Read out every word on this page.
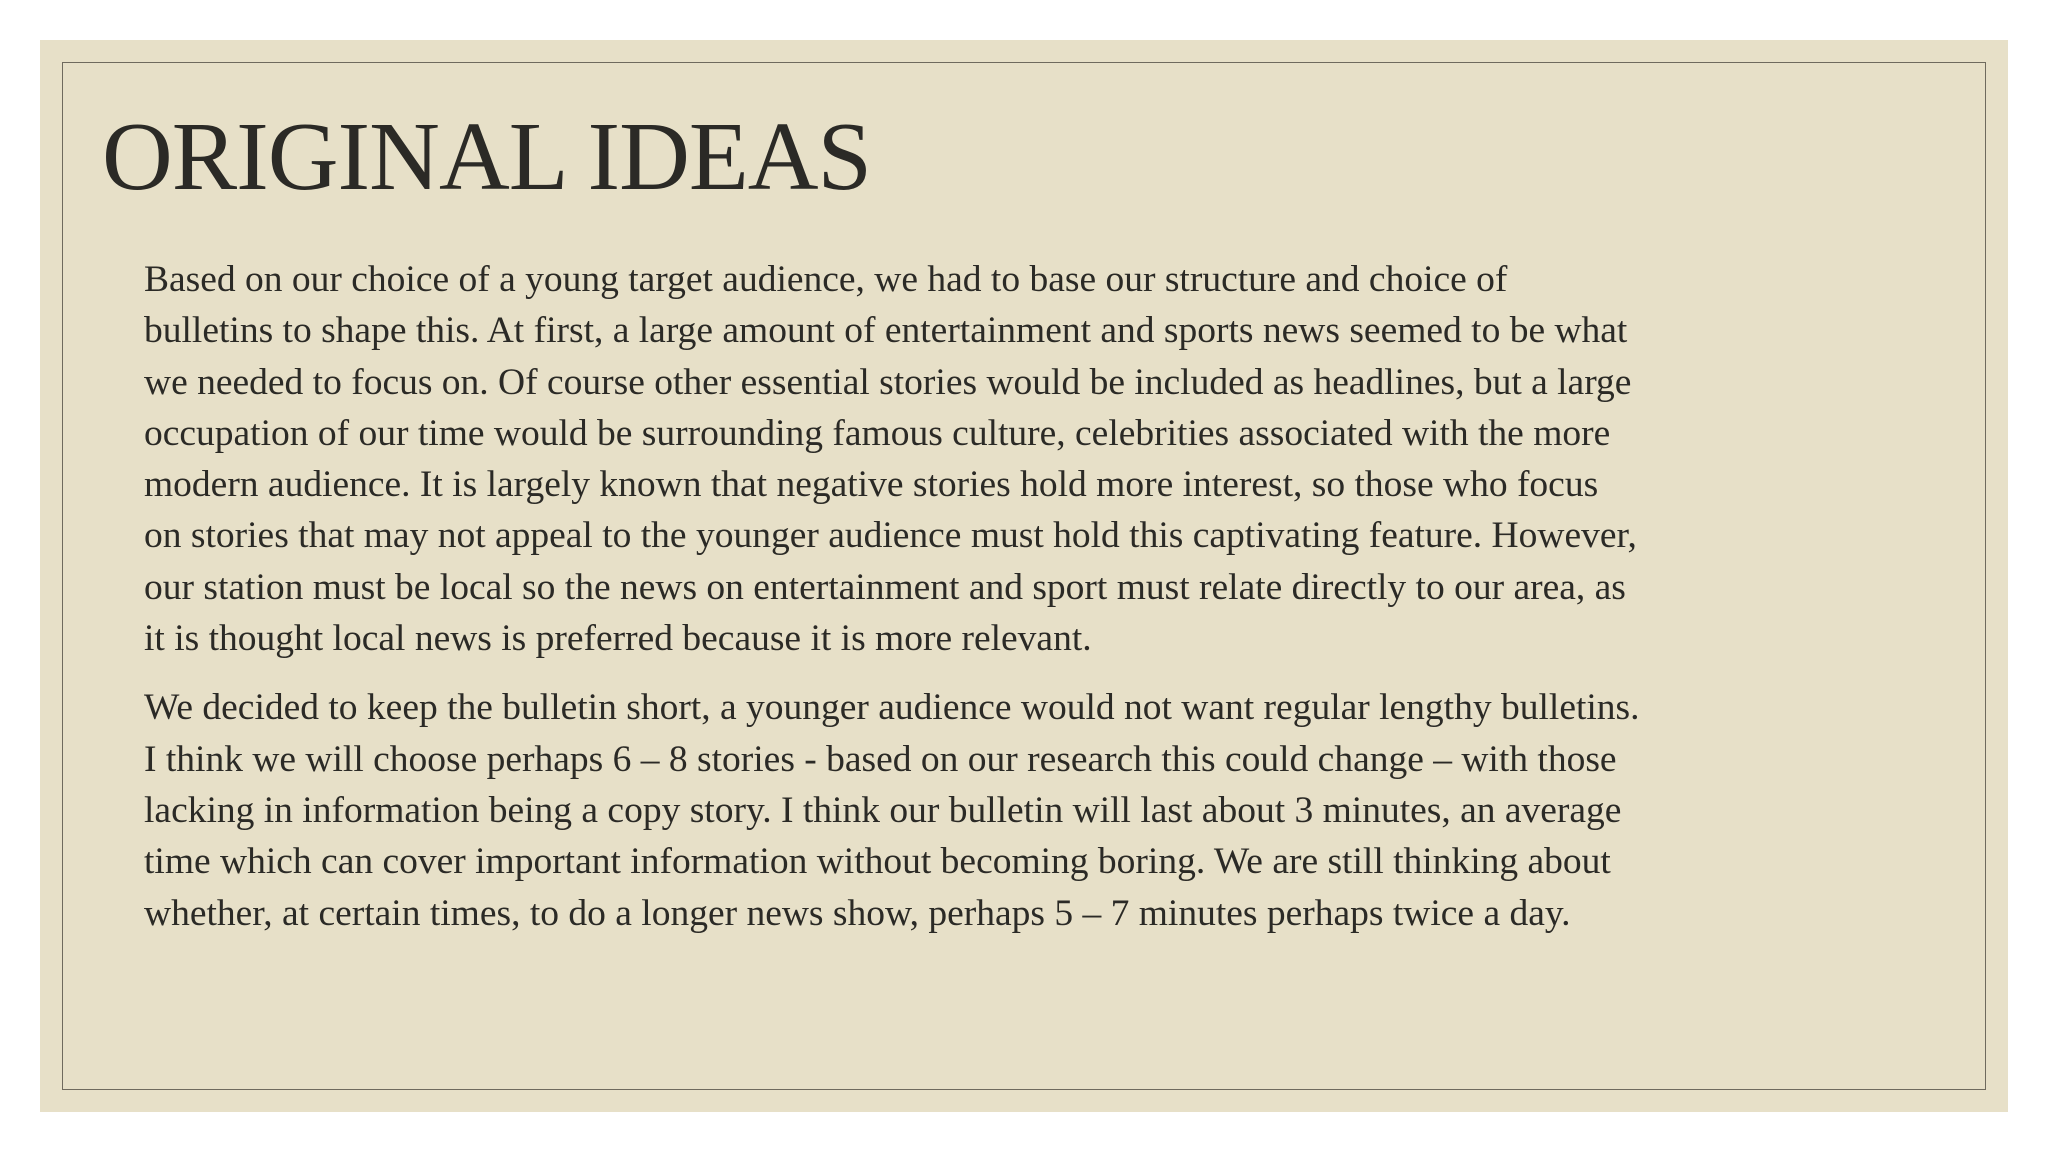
ORIGINAL IDEAS

Based on our choice of a young target audience, we had to base our structure and choice of
bulletins to shape this. At first, a large amount of entertainment and sports news seemed to be what
we needed to focus on. Of course other essential stories would be included as headlines, but a large
occupation of our time would be surrounding famous culture, celebrities associated with the more
modern audience. It is largely known that negative stories hold more interest, so those who focus
on stories that may not appeal to the younger audience must hold this captivating feature. However,
our station must be local so the news on entertainment and sport must relate directly to our area, as
it is thought local news is preferred because it is more relevant.

We decided to keep the bulletin short, a younger audience would not want regular lengthy bulletins.
I think we will choose perhaps 6 – 8 stories - based on our research this could change – with those
lacking in information being a copy story. I think our bulletin will last about 3 minutes, an average
time which can cover important information without becoming boring. We are still thinking about
whether, at certain times, to do a longer news show, perhaps 5 – 7 minutes perhaps twice a day.
